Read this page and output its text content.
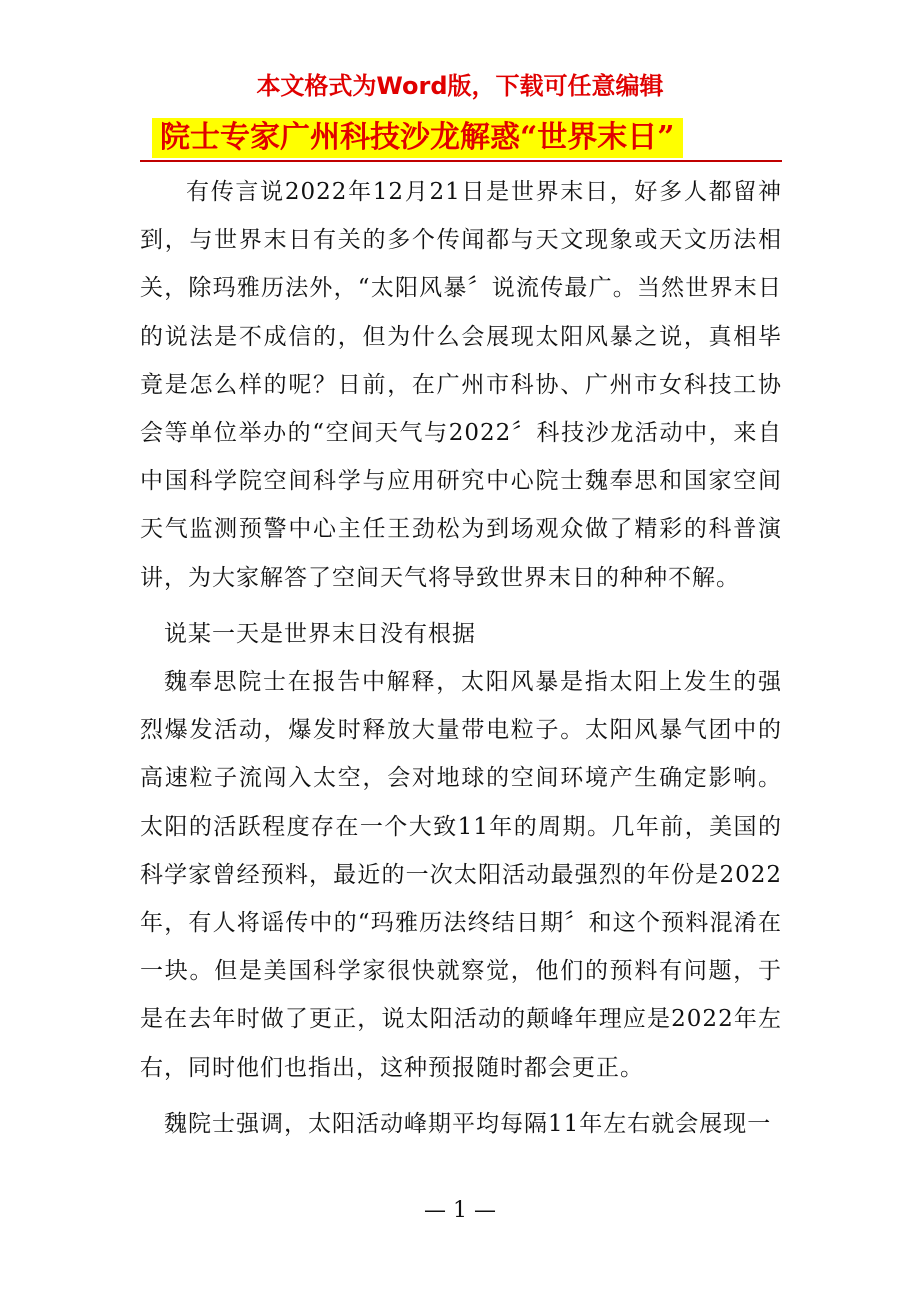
本文格式为Word版，下载可任意编辑
院士专家广州科技沙龙解惑“世界末日”

有传言说2022年12月21日是世界末日，好多人都留神到，与世界末日有关的多个传闻都与天文现象或天文历法相关，除玛雅历法外，“太阳风暴〞说流传最广。当然世界末日的说法是不成信的，但为什么会展现太阳风暴之说，真相毕竟是怎么样的呢？日前，在广州市科协、广州市女科技工协会等单位举办的“空间天气与2022〞科技沙龙活动中，来自中国科学院空间科学与应用研究中心院士魏奉思和国家空间天气监测预警中心主任王劲松为到场观众做了精彩的科普演讲，为大家解答了空间天气将导致世界末日的种种不解。

说某一天是世界末日没有根据

魏奉思院士在报告中解释，太阳风暴是指太阳上发生的强烈爆发活动，爆发时释放大量带电粒子。太阳风暴气团中的高速粒子流闯入太空，会对地球的空间环境产生确定影响。太阳的活跃程度存在一个大致11年的周期。几年前，美国的科学家曾经预料，最近的一次太阳活动最强烈的年份是2022年，有人将谣传中的“玛雅历法终结日期〞和这个预料混淆在一块。但是美国科学家很快就察觉，他们的预料有问题，于是在去年时做了更正，说太阳活动的颠峰年理应是2022年左右，同时他们也指出，这种预报随时都会更正。

魏院士强调，太阳活动峰期平均每隔11年左右就会展现一

— 1 —
